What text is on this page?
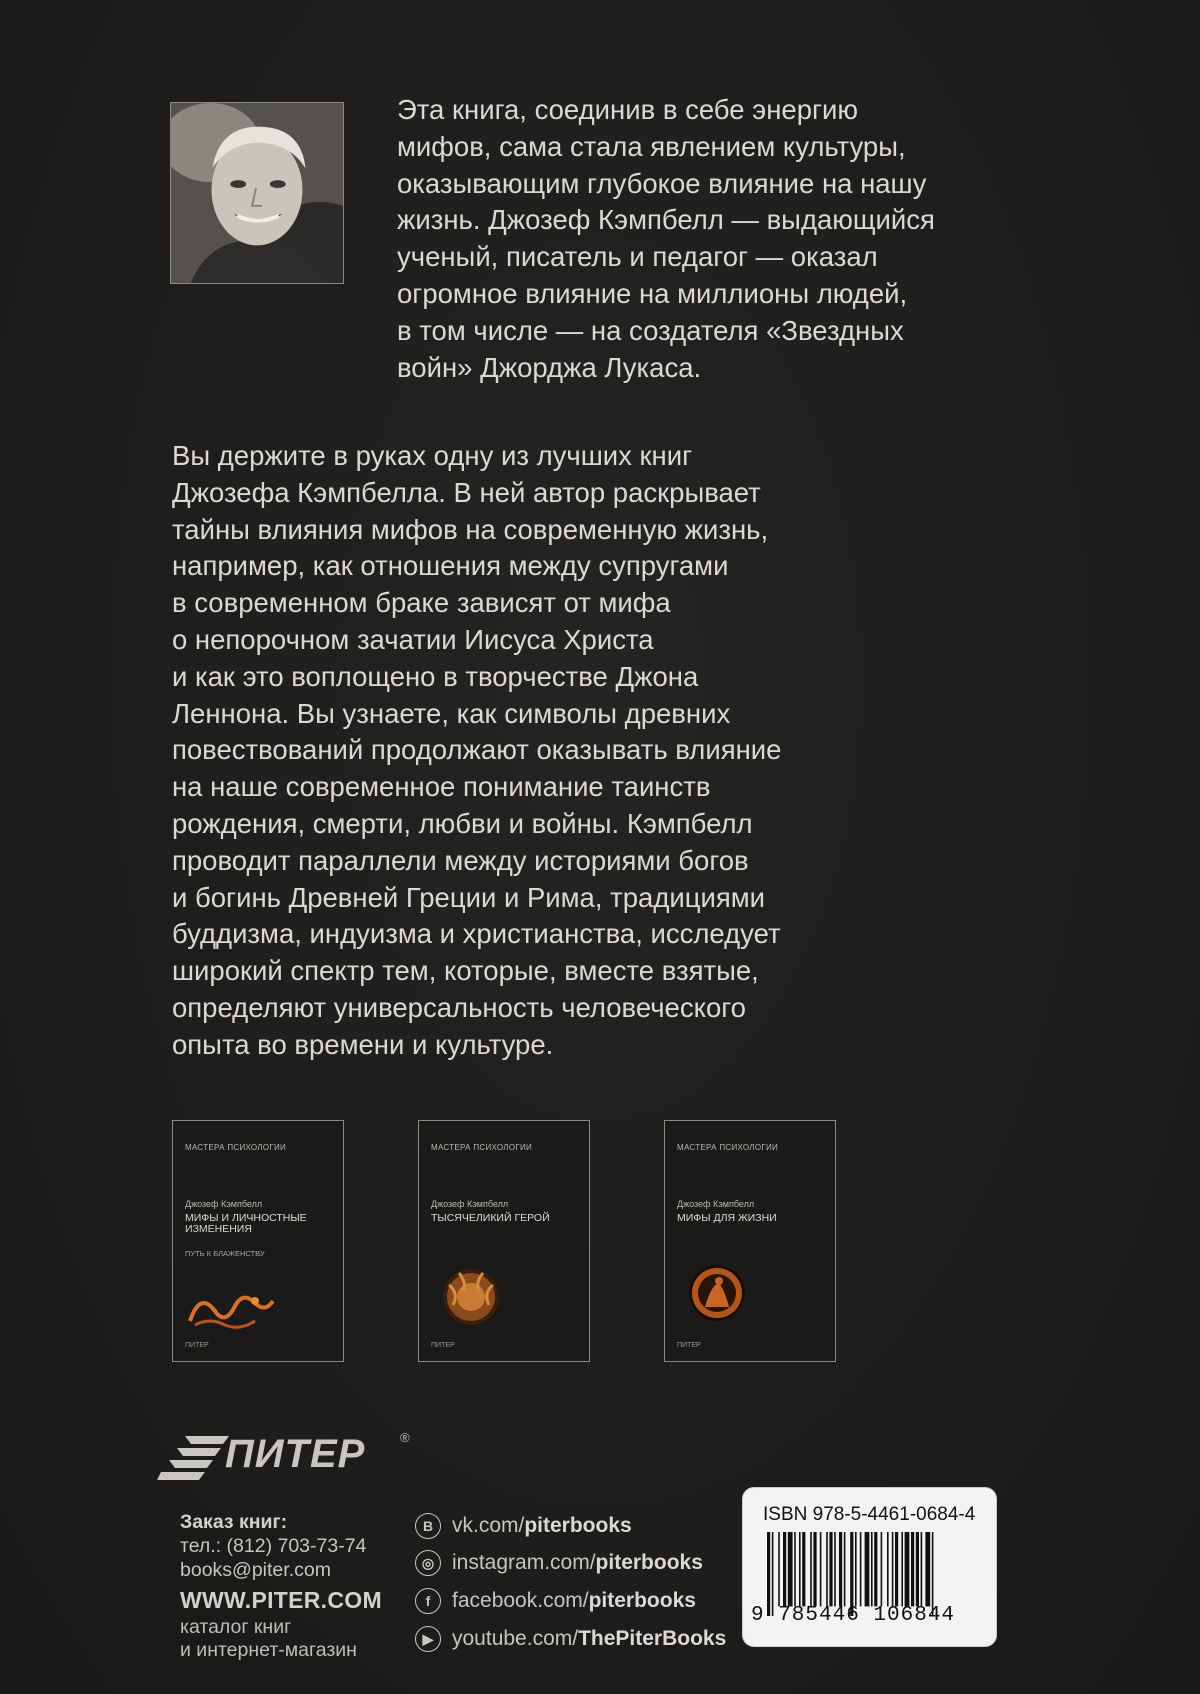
Эта книга, соединив в себе энергию
мифов, сама стала явлением культуры,
оказывающим глубокое влияние на нашу
жизнь. Джозеф Кэмпбелл — выдающийся
ученый, писатель и педагог — оказал
огромное влияние на миллионы людей,
в том числе — на создателя «Звездных
войн» Джорджа Лукаса.
Вы держите в руках одну из лучших книг
Джозефа Кэмпбелла. В ней автор раскрывает
тайны влияния мифов на современную жизнь,
например, как отношения между супругами
в современном браке зависят от мифа
о непорочном зачатии Иисуса Христа
и как это воплощено в творчестве Джона
Леннона. Вы узнаете, как символы древних
повествований продолжают оказывать влияние
на наше современное понимание таинств
рождения, смерти, любви и войны. Кэмпбелл
проводит параллели между историями богов
и богинь Древней Греции и Рима, традициями
буддизма, индуизма и христианства, исследует
широкий спектр тем, которые, вместе взятые,
определяют универсальность человеческого
опыта во времени и культуре.
МАСТЕРА ПСИХОЛОГИИ
Джозеф Кэмпбелл
МИФЫ И ЛИЧНОСТНЫЕ ИЗМЕНЕНИЯ
ПУТЬ К БЛАЖЕНСТВУ
ПИТЕР
МАСТЕРА ПСИХОЛОГИИ
Джозеф Кэмпбелл
ТЫСЯЧЕЛИКИЙ ГЕРОЙ
ПИТЕР
МАСТЕРА ПСИХОЛОГИИ
Джозеф Кэмпбелл
МИФЫ ДЛЯ ЖИЗНИ
ПИТЕР
ПИТЕР	®
Заказ книг:
тел.: (812) 703-73-74
books@piter.com
WWW.PITER.COM
каталог книг
и интернет-магазин
B vk.com/ piterbooks
◎ instagram.com/ piterbooks
f	facebook.com/ piterbooks
▶ youtube.com/ ThePiterBooks
ISBN 978-5-4461-0684-4
9 785446 106844
